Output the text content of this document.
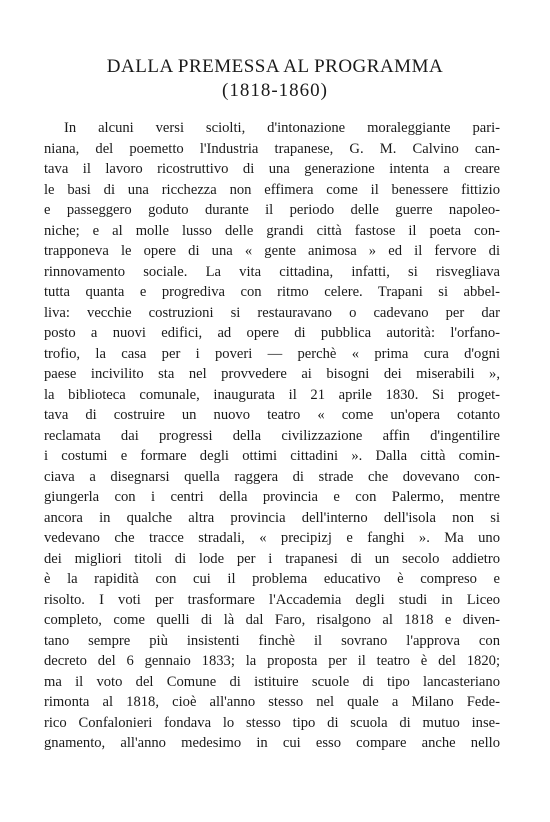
DALLA PREMESSA AL PROGRAMMA
(1818-1860)
In alcuni versi sciolti, d'intonazione moraleggiante pari-
niana, del poemetto l'Industria trapanese, G. M. Calvino can-
tava il lavoro ricostruttivo di una generazione intenta a creare
le basi di una ricchezza non effimera come il benessere fittizio
e passeggero goduto durante il periodo delle guerre napoleo-
niche; e al molle lusso delle grandi città fastose il poeta con-
trapponeva le opere di una « gente animosa » ed il fervore di
rinnovamento sociale. La vita cittadina, infatti, si risvegliava
tutta quanta e progrediva con ritmo celere. Trapani si abbel-
liva: vecchie costruzioni si restauravano o cadevano per dar
posto a nuovi edifici, ad opere di pubblica autorità: l'orfano-
trofio, la casa per i poveri — perchè « prima cura d'ogni
paese incivilito sta nel provvedere ai bisogni dei miserabili »,
la biblioteca comunale, inaugurata il 21 aprile 1830. Si proget-
tava di costruire un nuovo teatro « come un'opera cotanto
reclamata dai progressi della civilizzazione affin d'ingentilire
i costumi e formare degli ottimi cittadini ». Dalla città comin-
ciava a disegnarsi quella raggera di strade che dovevano con-
giungerla con i centri della provincia e con Palermo, mentre
ancora in qualche altra provincia dell'interno dell'isola non si
vedevano che tracce stradali, « precipizj e fanghi ». Ma uno
dei migliori titoli di lode per i trapanesi di un secolo addietro
è la rapidità con cui il problema educativo è compreso e
risolto. I voti per trasformare l'Accademia degli studi in Liceo
completo, come quelli di là dal Faro, risalgono al 1818 e diven-
tano sempre più insistenti finchè il sovrano l'approva con
decreto del 6 gennaio 1833; la proposta per il teatro è del 1820;
ma il voto del Comune di istituire scuole di tipo lancasteriano
rimonta al 1818, cioè all'anno stesso nel quale a Milano Fede-
rico Confalonieri fondava lo stesso tipo di scuola di mutuo inse-
gnamento, all'anno medesimo in cui esso compare anche nello
